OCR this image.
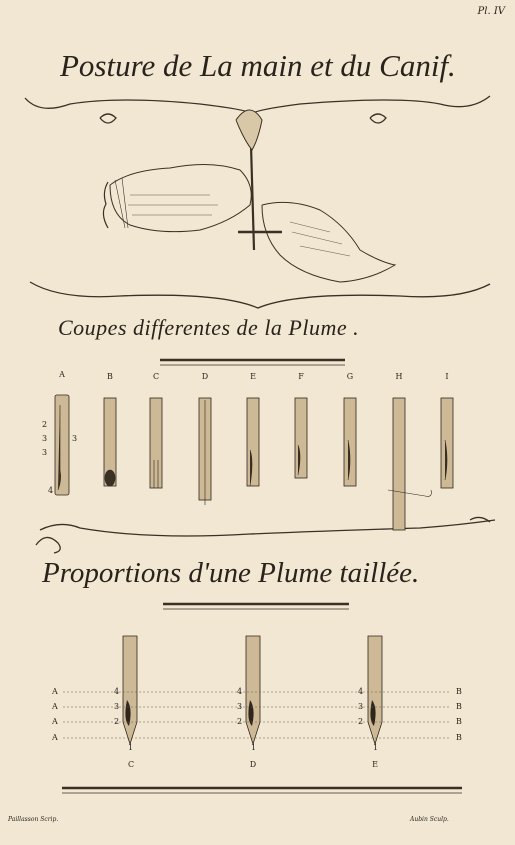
Pl. IV
Posture de La main et du Canif.
Coupes differentes de la Plume .
A	B	C	D	E	F	G	H	I
2
3	3
3
4
Proportions d'une Plume taillée.
A
A
A
A
B
B
B
B
4
3
2
1
4
3
2
1
4
3
2
1
C	D	E
Paillasson Scrip.	Aubin Sculp.
